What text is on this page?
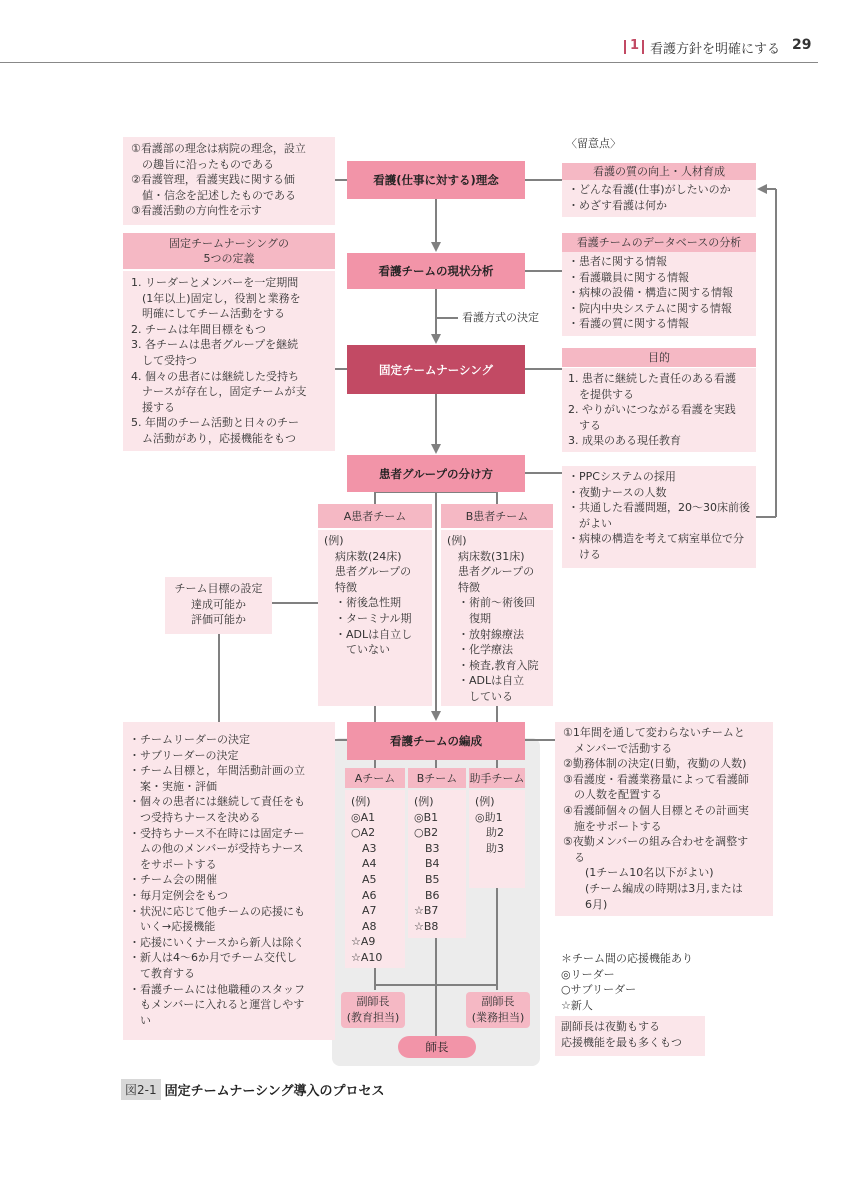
1 看護方針を明確にする 29
①看護部の理念は病院の理念，設立
　の趣旨に沿ったものである
②看護管理，看護実践に関する価
　値・信念を記述したものである
③看護活動の方向性を示す
看護(仕事に対する)理念
〈留意点〉
看護の質の向上・人材育成
・どんな看護(仕事)がしたいのか
・めざす看護は何か
固定チームナーシングの
5つの定義
1. リーダーとメンバーを一定期間
　(1年以上)固定し，役割と業務を
　明確にしてチーム活動をする
2. チームは年間目標をもつ
3. 各チームは患者グループを継続
　して受持つ
4. 個々の患者には継続した受持ち
　ナースが存在し，固定チームが支
　援する
5. 年間のチーム活動と日々のチー
　ム活動があり，応援機能をもつ
看護チームの現状分析
看護チームのデータベースの分析
・患者に関する情報
・看護職員に関する情報
・病棟の設備・構造に関する情報
・院内中央システムに関する情報
・看護の質に関する情報
看護方式の決定
固定チームナーシング
目的
1. 患者に継続した責任のある看護
　を提供する
2. やりがいにつながる看護を実践
　する
3. 成果のある現任教育
患者グループの分け方	・PPCシステムの採用
・夜勤ナースの人数
・共通した看護問題，20〜30床前後
　がよい
・病棟の構造を考えて病室単位で分
　ける
A患者チーム
(例)
　病床数(24床)
　患者グループの
　特徴
　・術後急性期
　・ターミナル期
　・ADLは自立し
　　ていない
B患者チーム
(例)
　病床数(31床)
　患者グループの
　特徴
　・術前〜術後回
　　復期
　・放射線療法
　・化学療法
　・検査,教育入院
　・ADLは自立
　　している
チーム目標の設定
達成可能か
評価可能か
看護チームの編成
・チームリーダーの決定
・サブリーダーの決定
・チーム目標と，年間活動計画の立
　案・実施・評価
・個々の患者には継続して責任をも
　つ受持ちナースを決める
・受持ちナース不在時には固定チー
　ムの他のメンバーが受持ちナース
　をサポートする
・チーム会の開催
・毎月定例会をもつ
・状況に応じて他チームの応援にも
　いく→応援機能
・応援にいくナースから新人は除く
・新人は4〜6か月でチーム交代し
　て教育する
・看護チームには他職種のスタッフ
　もメンバーに入れると運営しやす
　い
①1年間を通して変わらないチームと
　メンバーで活動する
②勤務体制の決定(日勤，夜勤の人数)
③看護度・看護業務量によって看護師
　の人数を配置する
④看護師個々の個人目標とその計画実
　施をサポートする
⑤夜勤メンバーの組み合わせを調整す
　る
　　(1チーム10名以下がよい)
　　(チーム編成の時期は3月,または
　　6月)
Aチーム
(例)
◎A1
○A2
　A3
　A4
　A5
　A6
　A7
　A8
☆A9
☆A10
Bチーム
(例)
◎B1
○B2
　B3
　B4
　B5
　B6
☆B7
☆B8
助手チーム
(例)
◎助1
　助2
　助3
＊チーム間の応援機能あり
◎リーダー
○サブリーダー
☆新人
副師長
(教育担当)
副師長
(業務担当)
副師長は夜勤もする
応援機能を最も多くもつ
師長
図2-1 固定チームナーシング導入のプロセス
